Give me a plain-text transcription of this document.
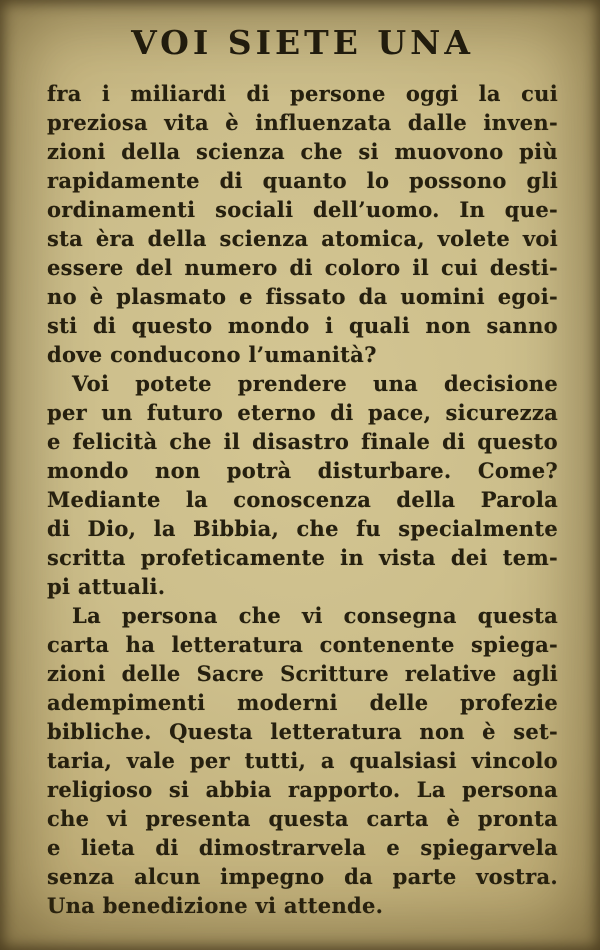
VOI SIETE UNA
fra i miliardi di persone oggi la cui
preziosa vita è influenzata dalle inven-
zioni della scienza che si muovono più
rapidamente di quanto lo possono gli
ordinamenti sociali dell’uomo. In que-
sta èra della scienza atomica, volete voi
essere del numero di coloro il cui desti-
no è plasmato e fissato da uomini egoi-
sti di questo mondo i quali non sanno
dove conducono l’umanità?
Voi potete prendere una decisione
per un futuro eterno di pace, sicurezza
e felicità che il disastro finale di questo
mondo non potrà disturbare. Come?
Mediante la conoscenza della Parola
di Dio, la Bibbia, che fu specialmente
scritta profeticamente in vista dei tem-
pi attuali.
La persona che vi consegna questa
carta ha letteratura contenente spiega-
zioni delle Sacre Scritture relative agli
adempimenti moderni delle profezie
bibliche. Questa letteratura non è set-
taria, vale per tutti, a qualsiasi vincolo
religioso si abbia rapporto. La persona
che vi presenta questa carta è pronta
e lieta di dimostrarvela e spiegarvela
senza alcun impegno da parte vostra.
Una benedizione vi attende.
